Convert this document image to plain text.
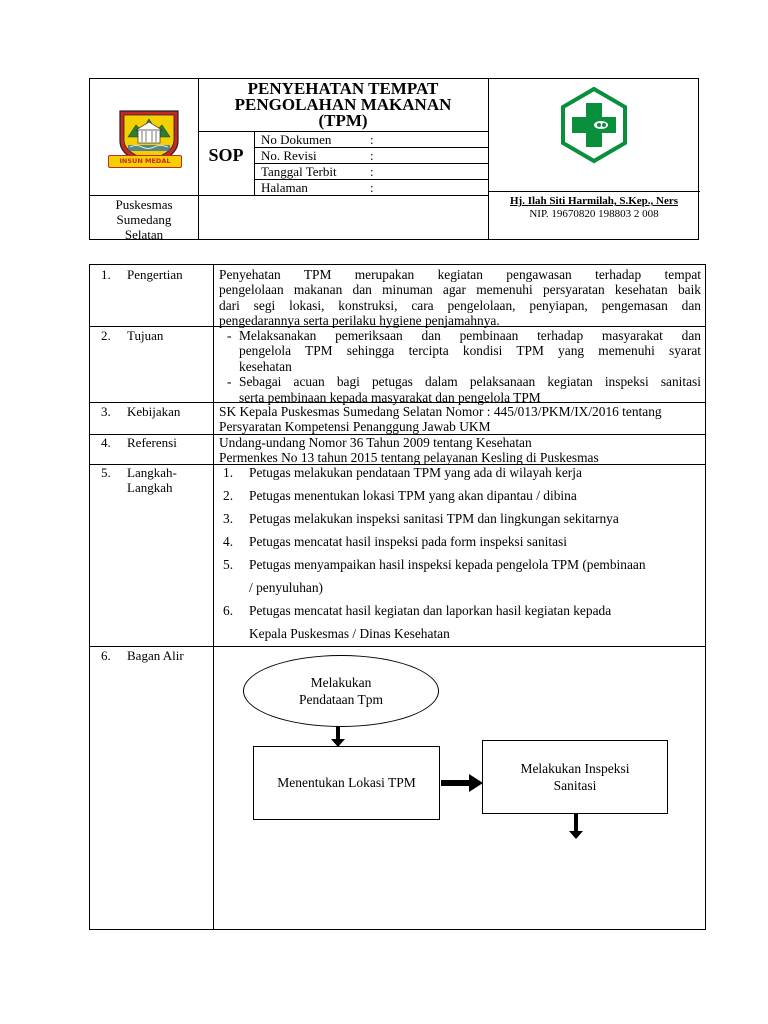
INSUN MEDAL
Puskesmas
Sumedang
Selatan
PENYEHATAN TEMPAT
PENGOLAHAN MAKANAN
(TPM)
SOP
No Dokumen	:
No. Revisi	:
Tanggal Terbit	:
Halaman	:
Hj. Ilah Siti Harmilah, S.Kep., Ners
NIP. 19670820 198803 2 008
1. Pengertian	Penyehatan TPM merupakan kegiatan pengawasan terhadap tempat
pengelolaan makanan dan minuman agar memenuhi persyaratan kesehatan baik
dari segi lokasi, konstruksi, cara pengelolaan, penyiapan, pengemasan dan
pengedarannya serta perilaku hygiene penjamahnya.
2. Tujuan	- Melaksanakan pemeriksaan dan pembinaan terhadap masyarakat dan
pengelola TPM sehingga tercipta kondisi TPM yang memenuhi syarat
kesehatan
- Sebagai acuan bagi petugas dalam pelaksanaan kegiatan inspeksi sanitasi
serta pembinaan kepada masyarakat dan pengelola TPM
3. Kebijakan	SK Kepala Puskesmas Sumedang Selatan Nomor : 445/013/PKM/IX/2016 tentang
Persyaratan Kompetensi Penanggung Jawab UKM
4. Referensi	Undang-undang Nomor 36 Tahun 2009 tentang Kesehatan
Permenkes No 13 tahun 2015 tentang pelayanan Kesling di Puskesmas
5. Langkah-
Langkah
1. Petugas melakukan pendataan TPM yang ada di wilayah kerja
2. Petugas menentukan lokasi TPM yang akan dipantau / dibina
3. Petugas melakukan inspeksi sanitasi TPM dan lingkungan sekitarnya
4. Petugas mencatat hasil inspeksi pada form inspeksi sanitasi
5. Petugas menyampaikan hasil inspeksi kepada pengelola TPM (pembinaan
/ penyuluhan)
6. Petugas mencatat hasil kegiatan dan laporkan hasil kegiatan kepada
Kepala Puskesmas / Dinas Kesehatan
6. Bagan Alir
Melakukan
Pendataan Tpm
Menentukan Lokasi TPM
Melakukan Inspeksi
Sanitasi
